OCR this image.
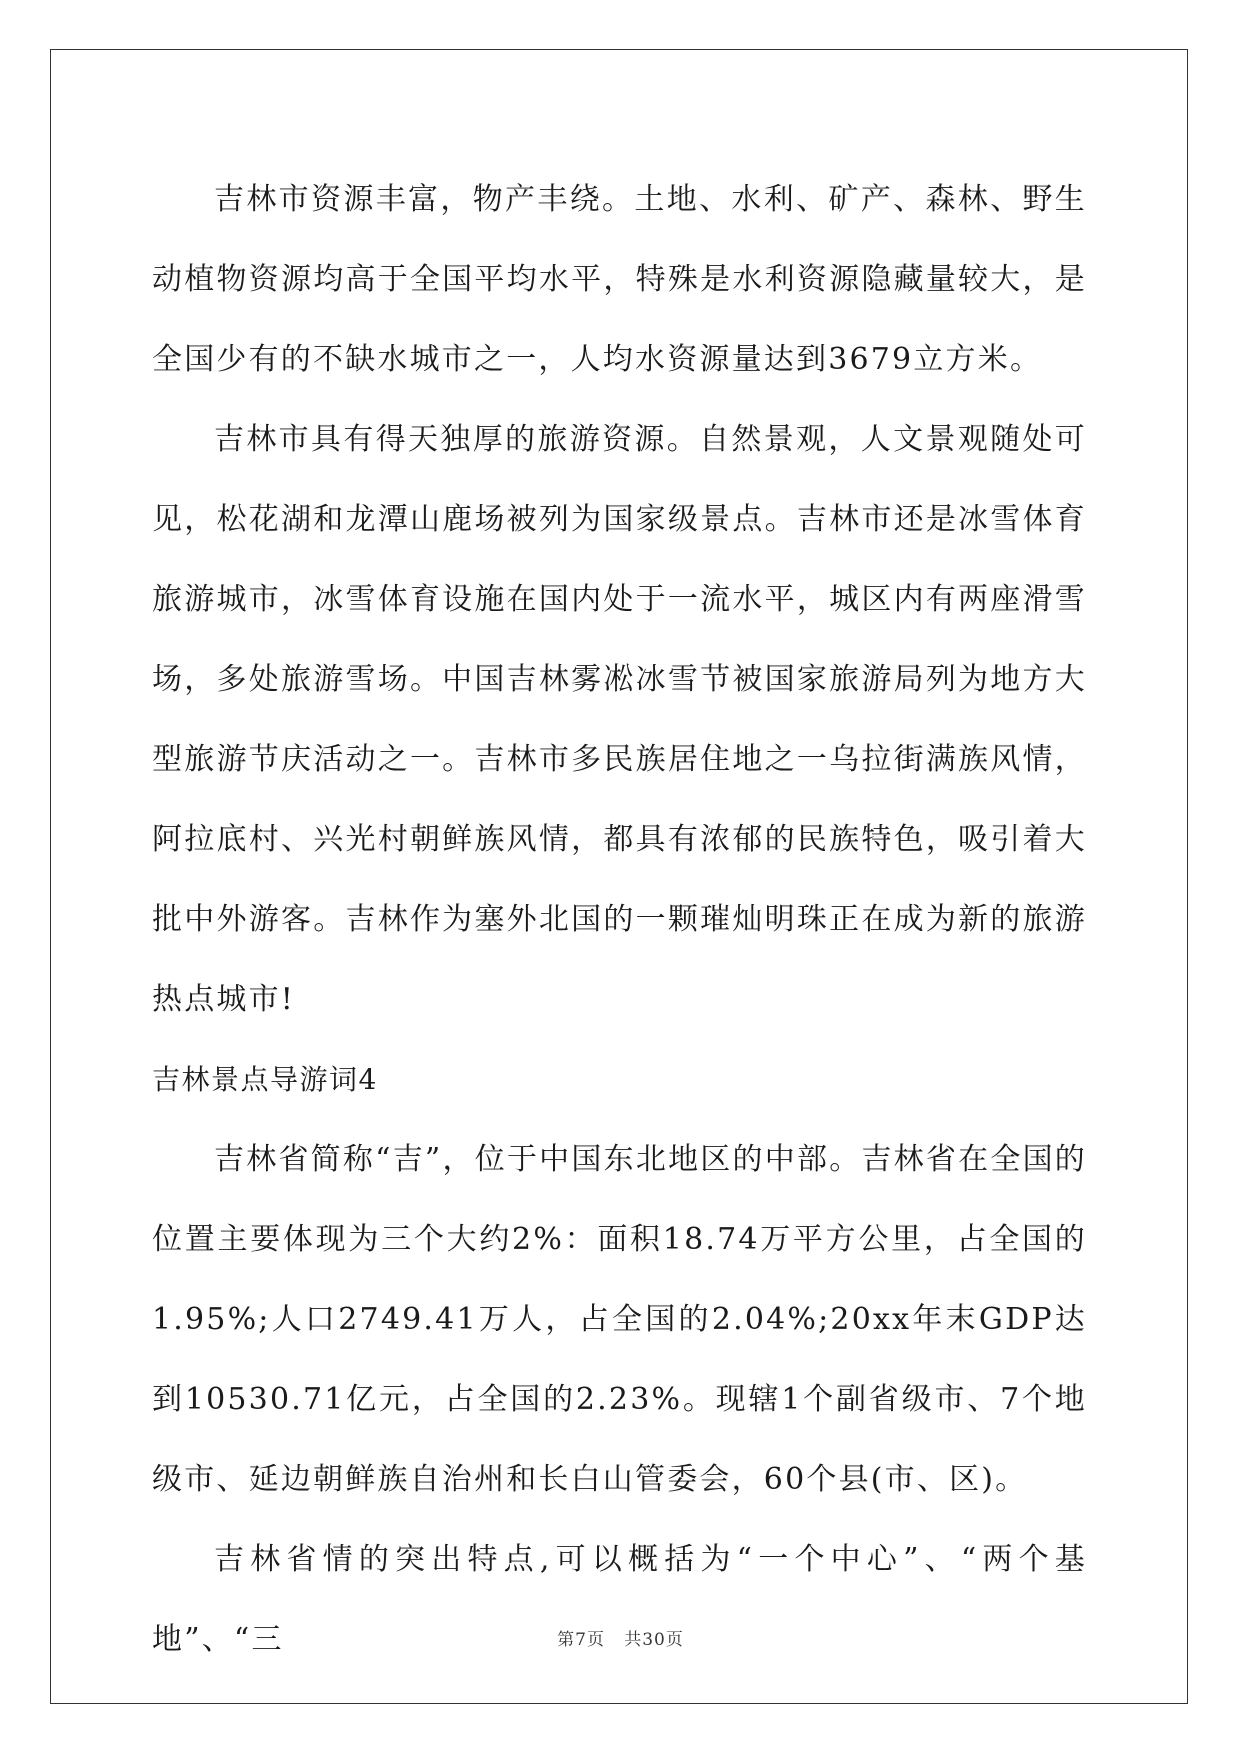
吉林市资源丰富，物产丰绕。土地、水利、矿产、森林、野生动植物资源均高于全国平均水平，特殊是水利资源隐藏量较大，是全国少有的不缺水城市之一，人均水资源量达到3679立方米。

吉林市具有得天独厚的旅游资源。自然景观，人文景观随处可见，松花湖和龙潭山鹿场被列为国家级景点。吉林市还是冰雪体育旅游城市，冰雪体育设施在国内处于一流水平，城区内有两座滑雪场，多处旅游雪场。中国吉林雾凇冰雪节被国家旅游局列为地方大型旅游节庆活动之一。吉林市多民族居住地之一乌拉街满族风情，阿拉底村、兴光村朝鲜族风情，都具有浓郁的民族特色，吸引着大批中外游客。吉林作为塞外北国的一颗璀灿明珠正在成为新的旅游热点城市!

吉林景点导游词4

吉林省简称“吉”，位于中国东北地区的中部。吉林省在全国的位置主要体现为三个大约2%：面积18.74万平方公里，占全国的1.95%;人口2749.41万人，占全国的2.04%;20xx年末GDP达到10530.71亿元，占全国的2.23%。现辖1个副省级市、7个地级市、延边朝鲜族自治州和长白山管委会，60个县(市、区)。

吉林省情的突出特点,可以概括为“一个中心”、“两个基地”、“三	第7页 共30页
